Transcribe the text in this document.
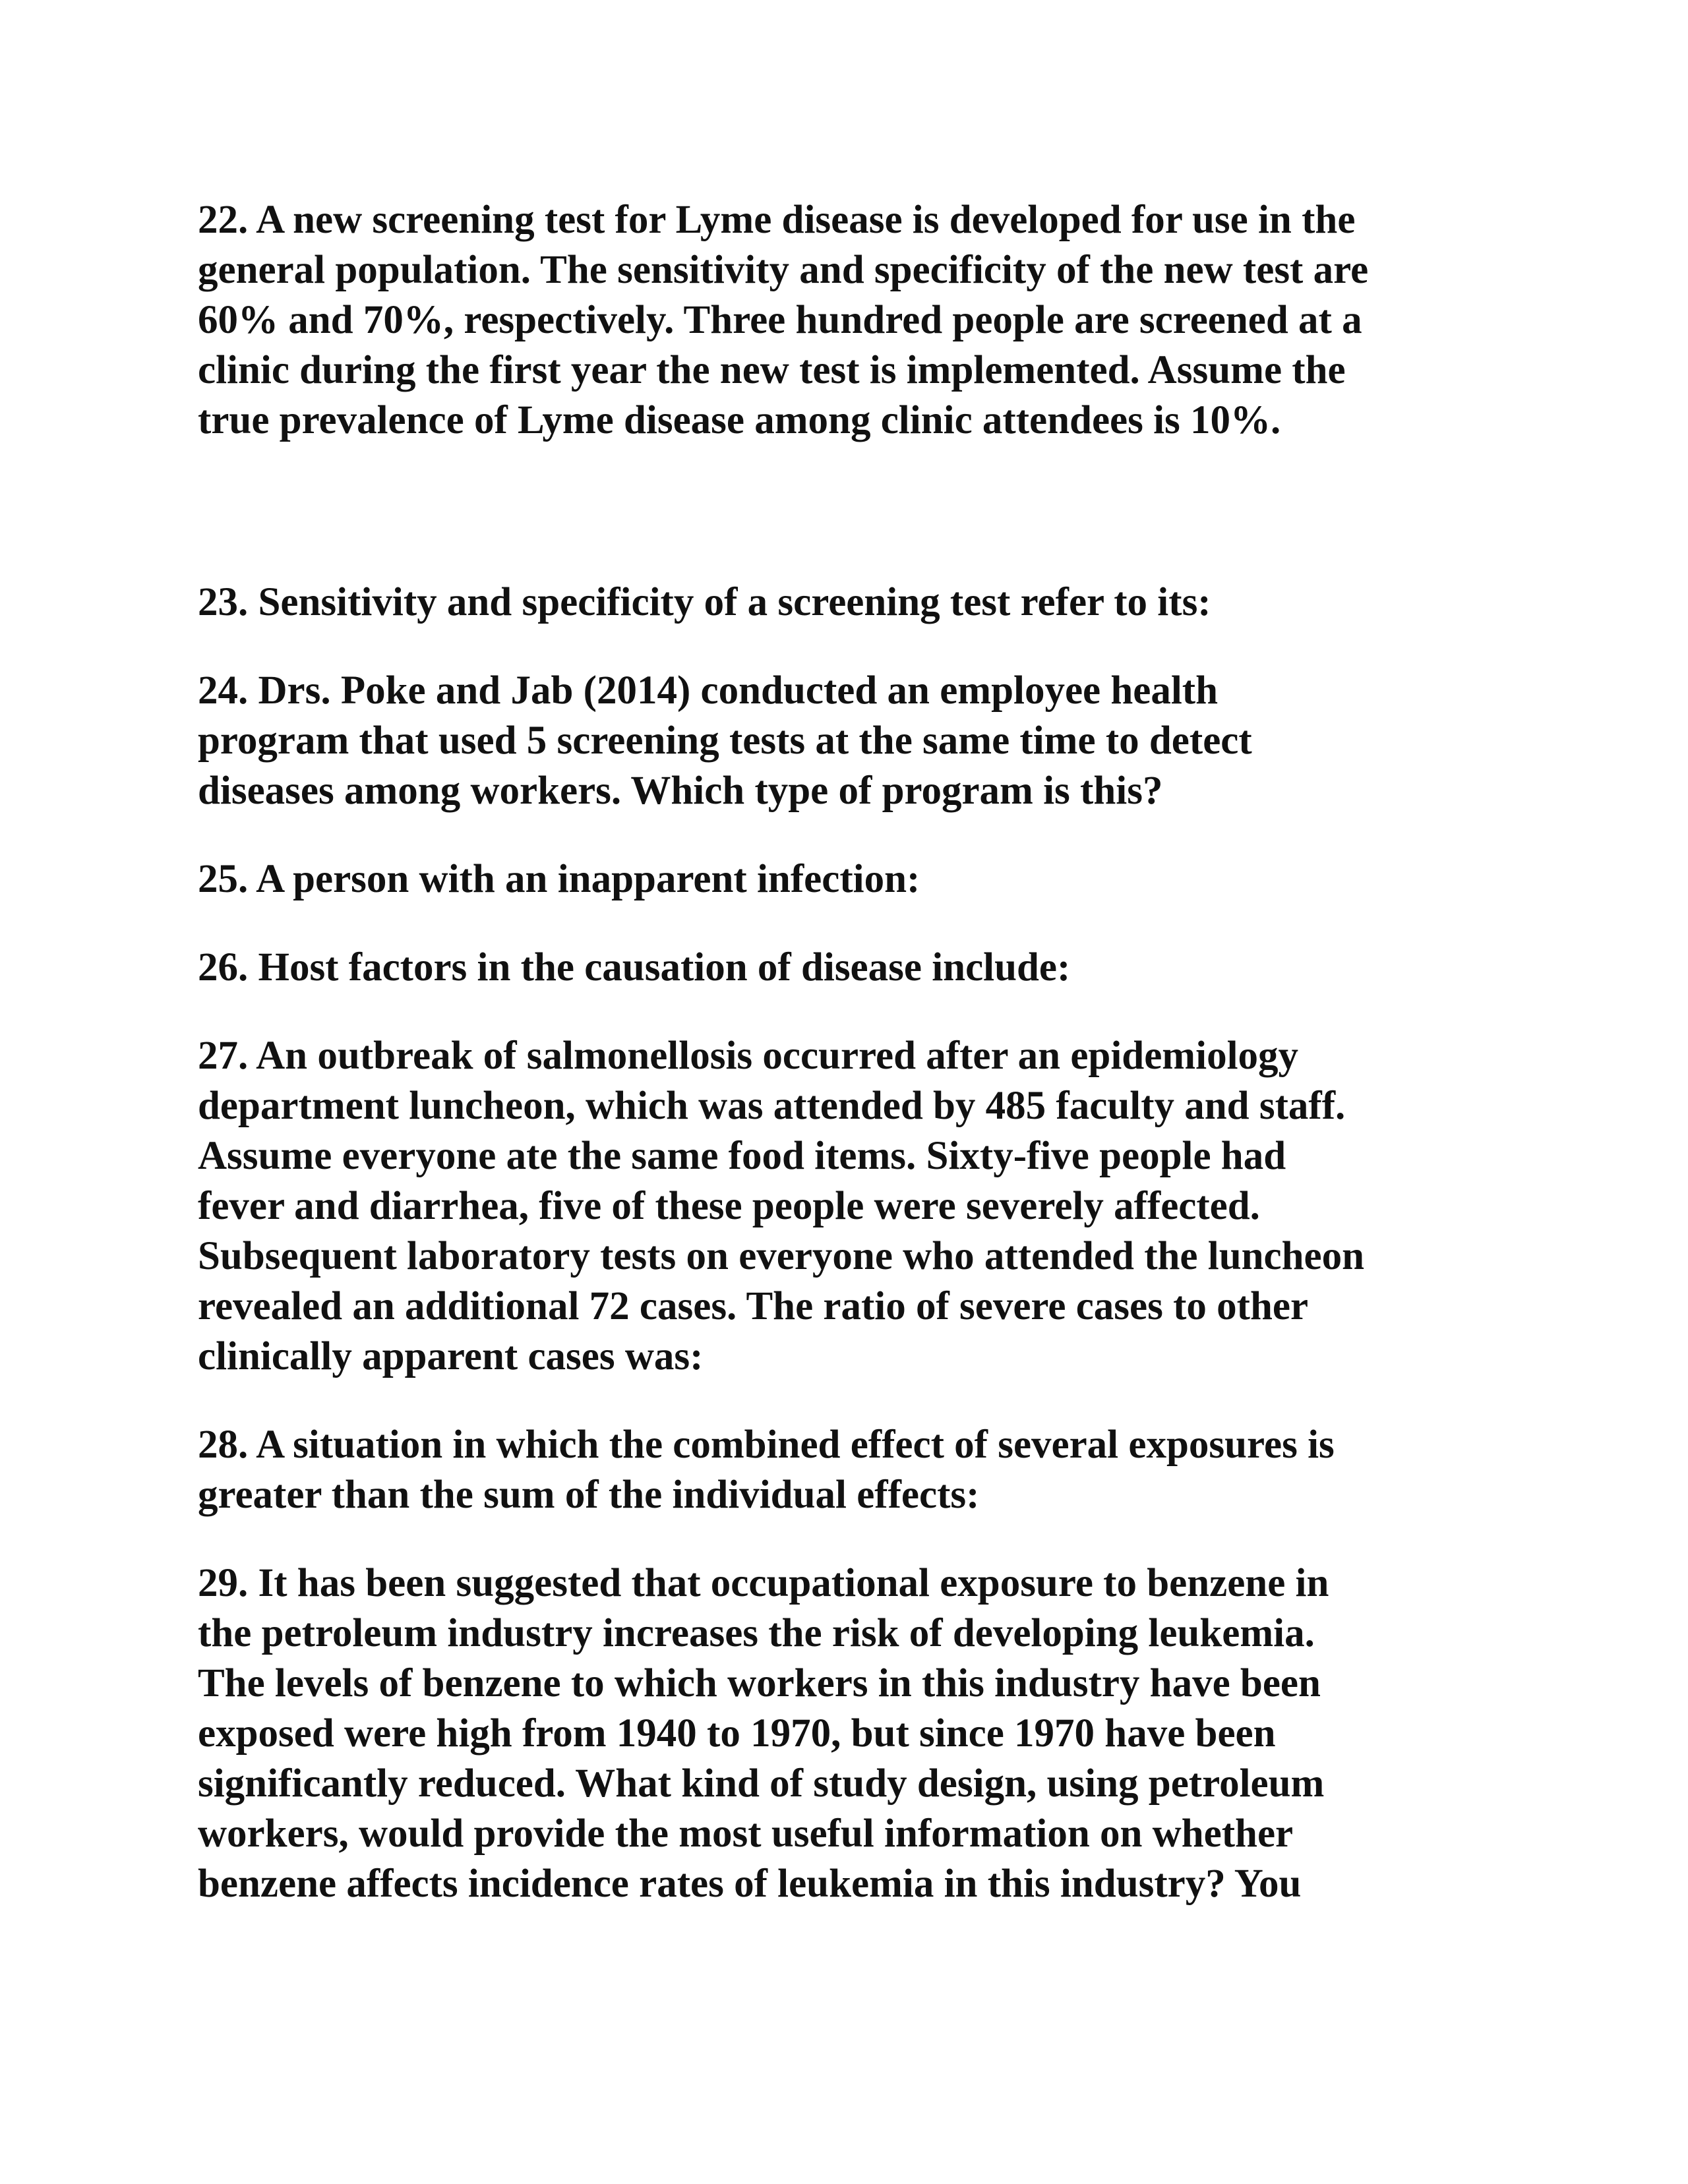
22. A new screening test for Lyme disease is developed for use in the
general population. The sensitivity and specificity of the new test are
60% and 70%, respectively. Three hundred people are screened at a
clinic during the first year the new test is implemented. Assume the
true prevalence of Lyme disease among clinic attendees is 10%.

23. Sensitivity and specificity of a screening test refer to its:

24. Drs. Poke and Jab (2014) conducted an employee health
program that used 5 screening tests at the same time to detect
diseases among workers. Which type of program is this?

25. A person with an inapparent infection:

26. Host factors in the causation of disease include:

27. An outbreak of salmonellosis occurred after an epidemiology
department luncheon, which was attended by 485 faculty and staff.
Assume everyone ate the same food items. Sixty-five people had
fever and diarrhea, five of these people were severely affected.
Subsequent laboratory tests on everyone who attended the luncheon
revealed an additional 72 cases. The ratio of severe cases to other
clinically apparent cases was:

28. A situation in which the combined effect of several exposures is
greater than the sum of the individual effects:

29. It has been suggested that occupational exposure to benzene in
the petroleum industry increases the risk of developing leukemia.
The levels of benzene to which workers in this industry have been
exposed were high from 1940 to 1970, but since 1970 have been
significantly reduced. What kind of study design, using petroleum
workers, would provide the most useful information on whether
benzene affects incidence rates of leukemia in this industry? You
